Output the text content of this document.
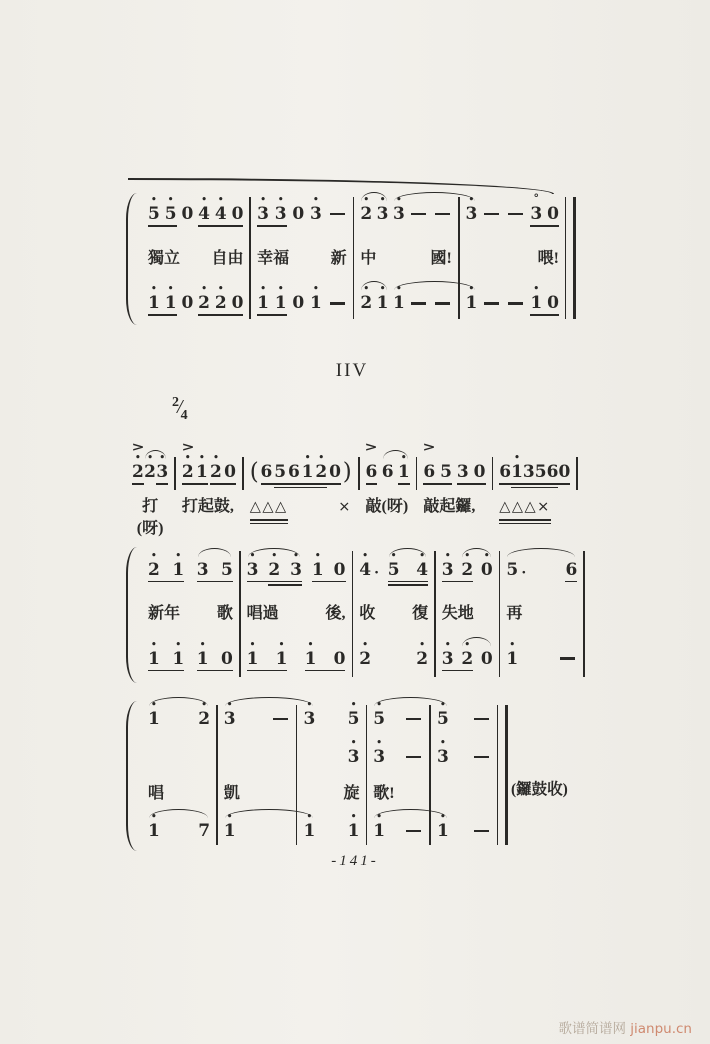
5
•
5
•
0 4
•
4
•
0
獨立 自由
1
•
1
•
0 2
•
2
•
0
3
•
3
•
0 3
•
幸福	新
1
•
1
•
0 1
•
2
•
3
•
3
•
中	國!
2
•
1
•
1
•
3
•
3
°
0
喂!
1
•
1
•
0
2
•
>
2
•
3
•
打(呀)
2
•
>
1
•
2
•
0
打起鼓,
( 6 5 6 1
•
2
•
0 )
△△△	×
6
>
6 1
•
敲(呀)
6
>
5 3 0
敲起鑼,
6 1
•
3 5 6 0
△△△×
2
•
1
•
3 5
新年 歌
1
•
1
•
1
•
0
3
•
2
•
3
•
1
•
0
唱過	後,
1
•
1
•
1
•
0
4
•
· 5
•
4
•
收 復
2
•
2
•
3
•
2
•
0
•
失地
3
•
2
•
0
5 · 6
再
1
•
1
•
2
•
唱
1
•
7
3
•
凱
1
•
3
•
5
•
3
•
旋
1
•
1
•
5
•
3
•
歌!
1
•
5
•
3
•
1
•
IIV
2/4
(鑼鼓收)
-141-
歌谱简谱网 jianpu.cn
